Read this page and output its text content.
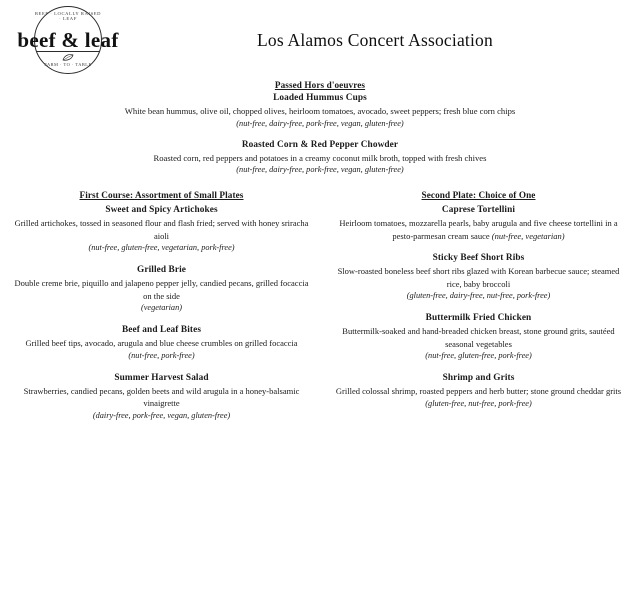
BEEF · LOCALLY RAISED · LEAF
FARM · TO · TABLE
beef & leaf	Los Alamos Concert Association
Passed Hors d'oeuvres
Loaded Hummus Cups

White bean hummus, olive oil, chopped olives, heirloom tomatoes, avocado, sweet peppers; fresh blue corn chips

(nut-free, dairy-free, pork-free, vegan, gluten-free)

Roasted Corn & Red Pepper Chowder

Roasted corn, red peppers and potatoes in a creamy coconut milk broth, topped with fresh chives

(nut-free, dairy-free, pork-free, vegan, gluten-free)

First Course: Assortment of Small Plates
Sweet and Spicy Artichokes

Grilled artichokes, tossed in seasoned flour and flash fried; served with honey sriracha aioli

(nut-free, gluten-free, vegetarian, pork-free)

Grilled Brie

Double creme brie, piquillo and jalapeno pepper jelly, candied pecans, grilled focaccia on the side

(vegetarian)

Beef and Leaf Bites

Grilled beef tips, avocado, arugula and blue cheese crumbles on grilled focaccia

(nut-free, pork-free)

Summer Harvest Salad

Strawberries, candied pecans, golden beets and wild arugula in a honey-balsamic vinaigrette

(dairy-free, pork-free, vegan, gluten-free)

Second Plate: Choice of One
Caprese Tortellini

Heirloom tomatoes, mozzarella pearls, baby arugula and five cheese tortellini in a pesto-parmesan cream sauce (nut-free, vegetarian)

Sticky Beef Short Ribs

Slow-roasted boneless beef short ribs glazed with Korean barbecue sauce; steamed rice, baby broccoli

(gluten-free, dairy-free, nut-free, pork-free)

Buttermilk Fried Chicken

Buttermilk-soaked and hand-breaded chicken breast, stone ground grits, sautéed seasonal vegetables

(nut-free, gluten-free, pork-free)

Shrimp and Grits

Grilled colossal shrimp, roasted peppers and herb butter; stone ground cheddar grits

(gluten-free, nut-free, pork-free)
